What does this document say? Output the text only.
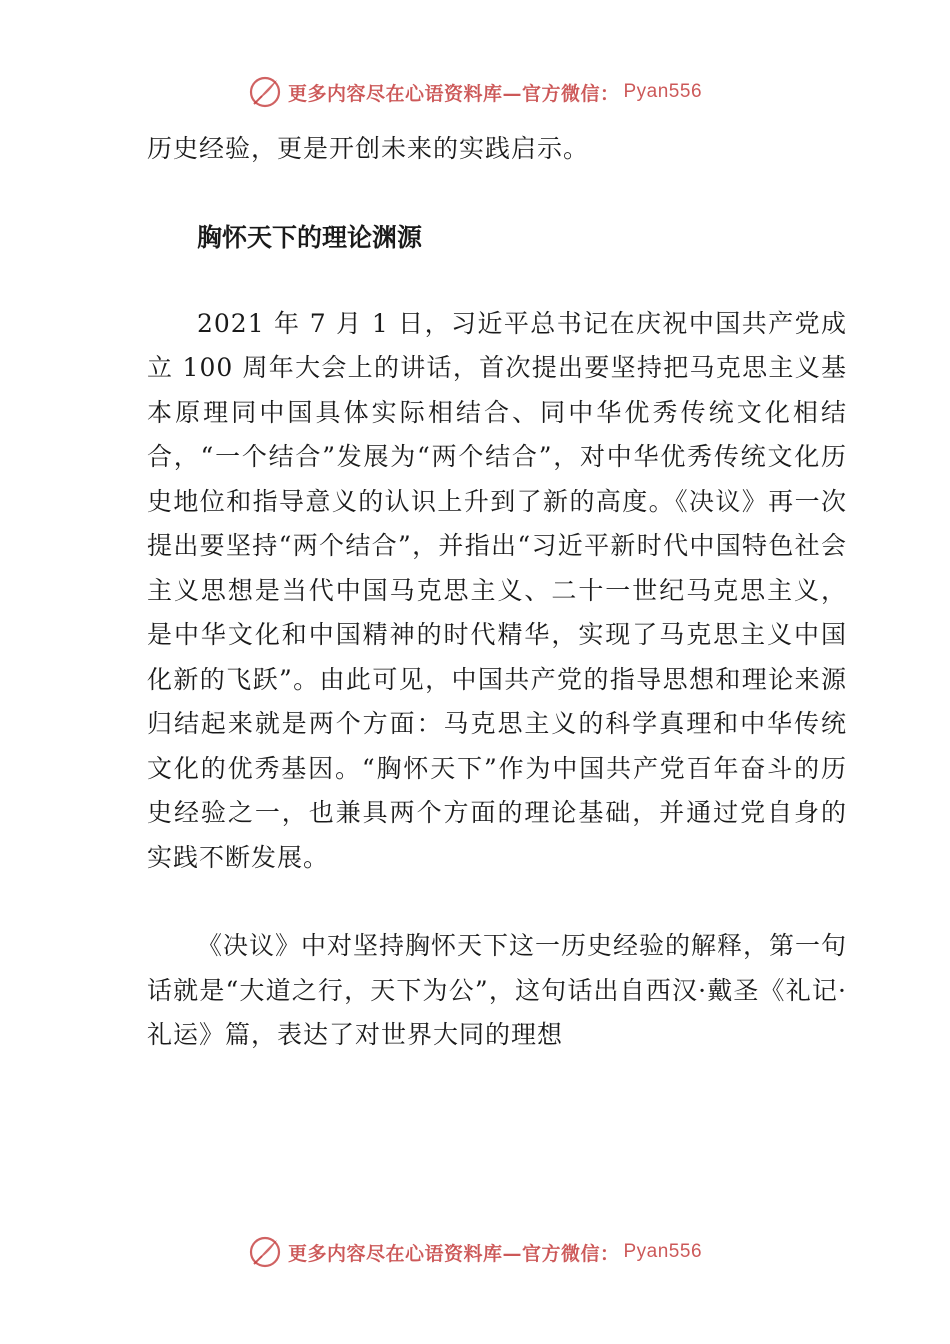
更多内容尽在心语资料库—官方微信： Pyan556

历史经验，更是开创未来的实践启示。

胸怀天下的理论渊源

2021 年 7 月 1 日，习近平总书记在庆祝中国共产党成立 100 周年大会上的讲话，首次提出要坚持把马克思主义基本原理同中国具体实际相结合、同中华优秀传统文化相结合，“一个结合”发展为“两个结合”，对中华优秀传统文化历史地位和指导意义的认识上升到了新的高度。《决议》再一次提出要坚持“两个结合”，并指出“习近平新时代中国特色社会主义思想是当代中国马克思主义、二十一世纪马克思主义，是中华文化和中国精神的时代精华，实现了马克思主义中国化新的飞跃”。由此可见，中国共产党的指导思想和理论来源归结起来就是两个方面：马克思主义的科学真理和中华传统文化的优秀基因。“胸怀天下”作为中国共产党百年奋斗的历史经验之一，也兼具两个方面的理论基础，并通过党自身的实践不断发展。

《决议》中对坚持胸怀天下这一历史经验的解释，第一句话就是“大道之行，天下为公”，这句话出自西汉·戴圣《礼记·礼运》篇，表达了对世界大同的理想

更多内容尽在心语资料库—官方微信： Pyan556
